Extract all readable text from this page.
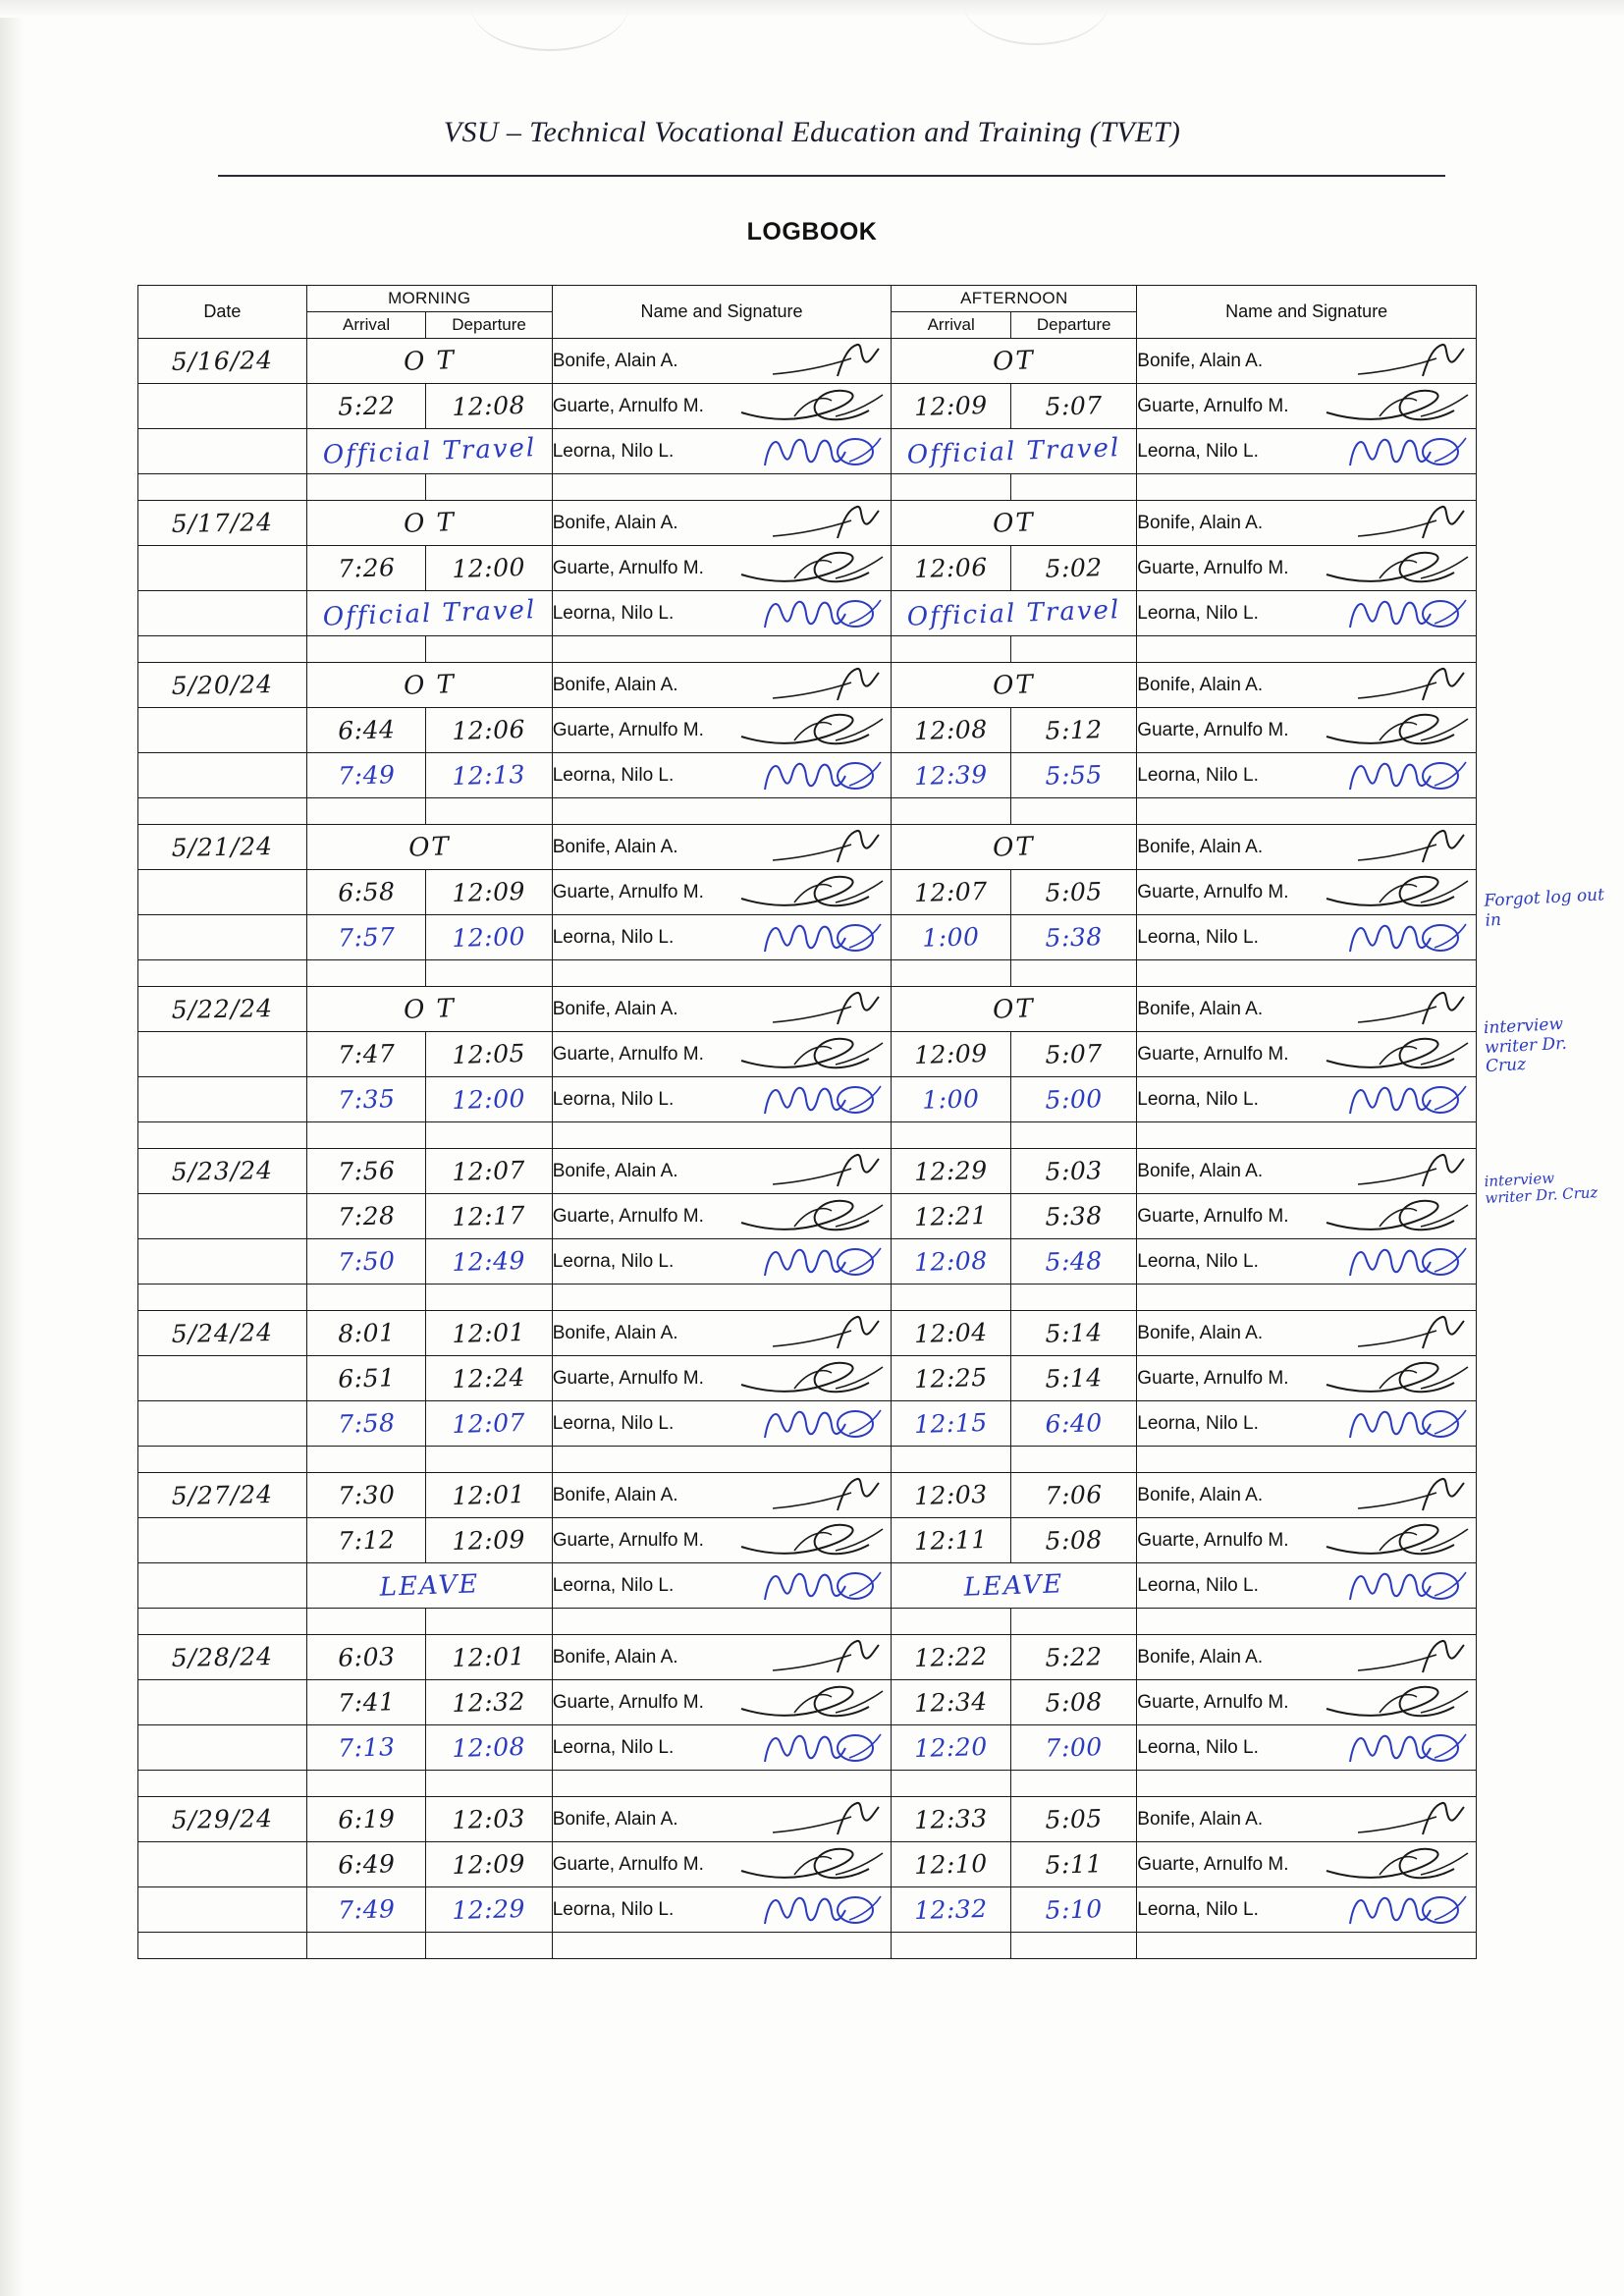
VSU – Technical Vocational Education and Training (TVET)
LOGBOOK
Date	MORNING		Name and Signature	AFTERNOON		Name and Signature
	Arrival	Departure		Arrival	Departure	

5/16/24	O T		Bonife, Alain A.	OT		Bonife, Alain A.

	5:22	12:08	Guarte, Arnulfo M.	12:09	5:07	Guarte, Arnulfo M.

	Official Travel		Leorna, Nilo L.	Official Travel		Leorna, Nilo L.

5/17/24	O T		Bonife, Alain A.	OT		Bonife, Alain A.

	7:26	12:00	Guarte, Arnulfo M.	12:06	5:02	Guarte, Arnulfo M.

	Official Travel		Leorna, Nilo L.	Official Travel		Leorna, Nilo L.

5/20/24	O T		Bonife, Alain A.	OT		Bonife, Alain A.

	6:44	12:06	Guarte, Arnulfo M.	12:08	5:12	Guarte, Arnulfo M.

	7:49	12:13	Leorna, Nilo L.	12:39	5:55	Leorna, Nilo L.

5/21/24	OT		Bonife, Alain A.	OT		Bonife, Alain A.

	6:58	12:09	Guarte, Arnulfo M.	12:07	5:05	Guarte, Arnulfo M.

	7:57	12:00	Leorna, Nilo L.	1:00	5:38	Leorna, Nilo L.

5/22/24	O T		Bonife, Alain A.	OT		Bonife, Alain A.

	7:47	12:05	Guarte, Arnulfo M.	12:09	5:07	Guarte, Arnulfo M.

	7:35	12:00	Leorna, Nilo L.	1:00	5:00	Leorna, Nilo L.

5/23/24	7:56	12:07	Bonife, Alain A.	12:29	5:03	Bonife, Alain A.

	7:28	12:17	Guarte, Arnulfo M.	12:21	5:38	Guarte, Arnulfo M.

	7:50	12:49	Leorna, Nilo L.	12:08	5:48	Leorna, Nilo L.

5/24/24	8:01	12:01	Bonife, Alain A.	12:04	5:14	Bonife, Alain A.

	6:51	12:24	Guarte, Arnulfo M.	12:25	5:14	Guarte, Arnulfo M.

	7:58	12:07	Leorna, Nilo L.	12:15	6:40	Leorna, Nilo L.

5/27/24	7:30	12:01	Bonife, Alain A.	12:03	7:06	Bonife, Alain A.

	7:12	12:09	Guarte, Arnulfo M.	12:11	5:08	Guarte, Arnulfo M.

	LEAVE		Leorna, Nilo L.	LEAVE		Leorna, Nilo L.

5/28/24	6:03	12:01	Bonife, Alain A.	12:22	5:22	Bonife, Alain A.

	7:41	12:32	Guarte, Arnulfo M.	12:34	5:08	Guarte, Arnulfo M.

	7:13	12:08	Leorna, Nilo L.	12:20	7:00	Leorna, Nilo L.

5/29/24	6:19	12:03	Bonife, Alain A.	12:33	5:05	Bonife, Alain A.

	6:49	12:09	Guarte, Arnulfo M.	12:10	5:11	Guarte, Arnulfo M.

	7:49	12:29	Leorna, Nilo L.	12:32	5:10	Leorna, Nilo L.

Forgot log out in
interview writer Dr. Cruz
interview writer Dr. Cruz
